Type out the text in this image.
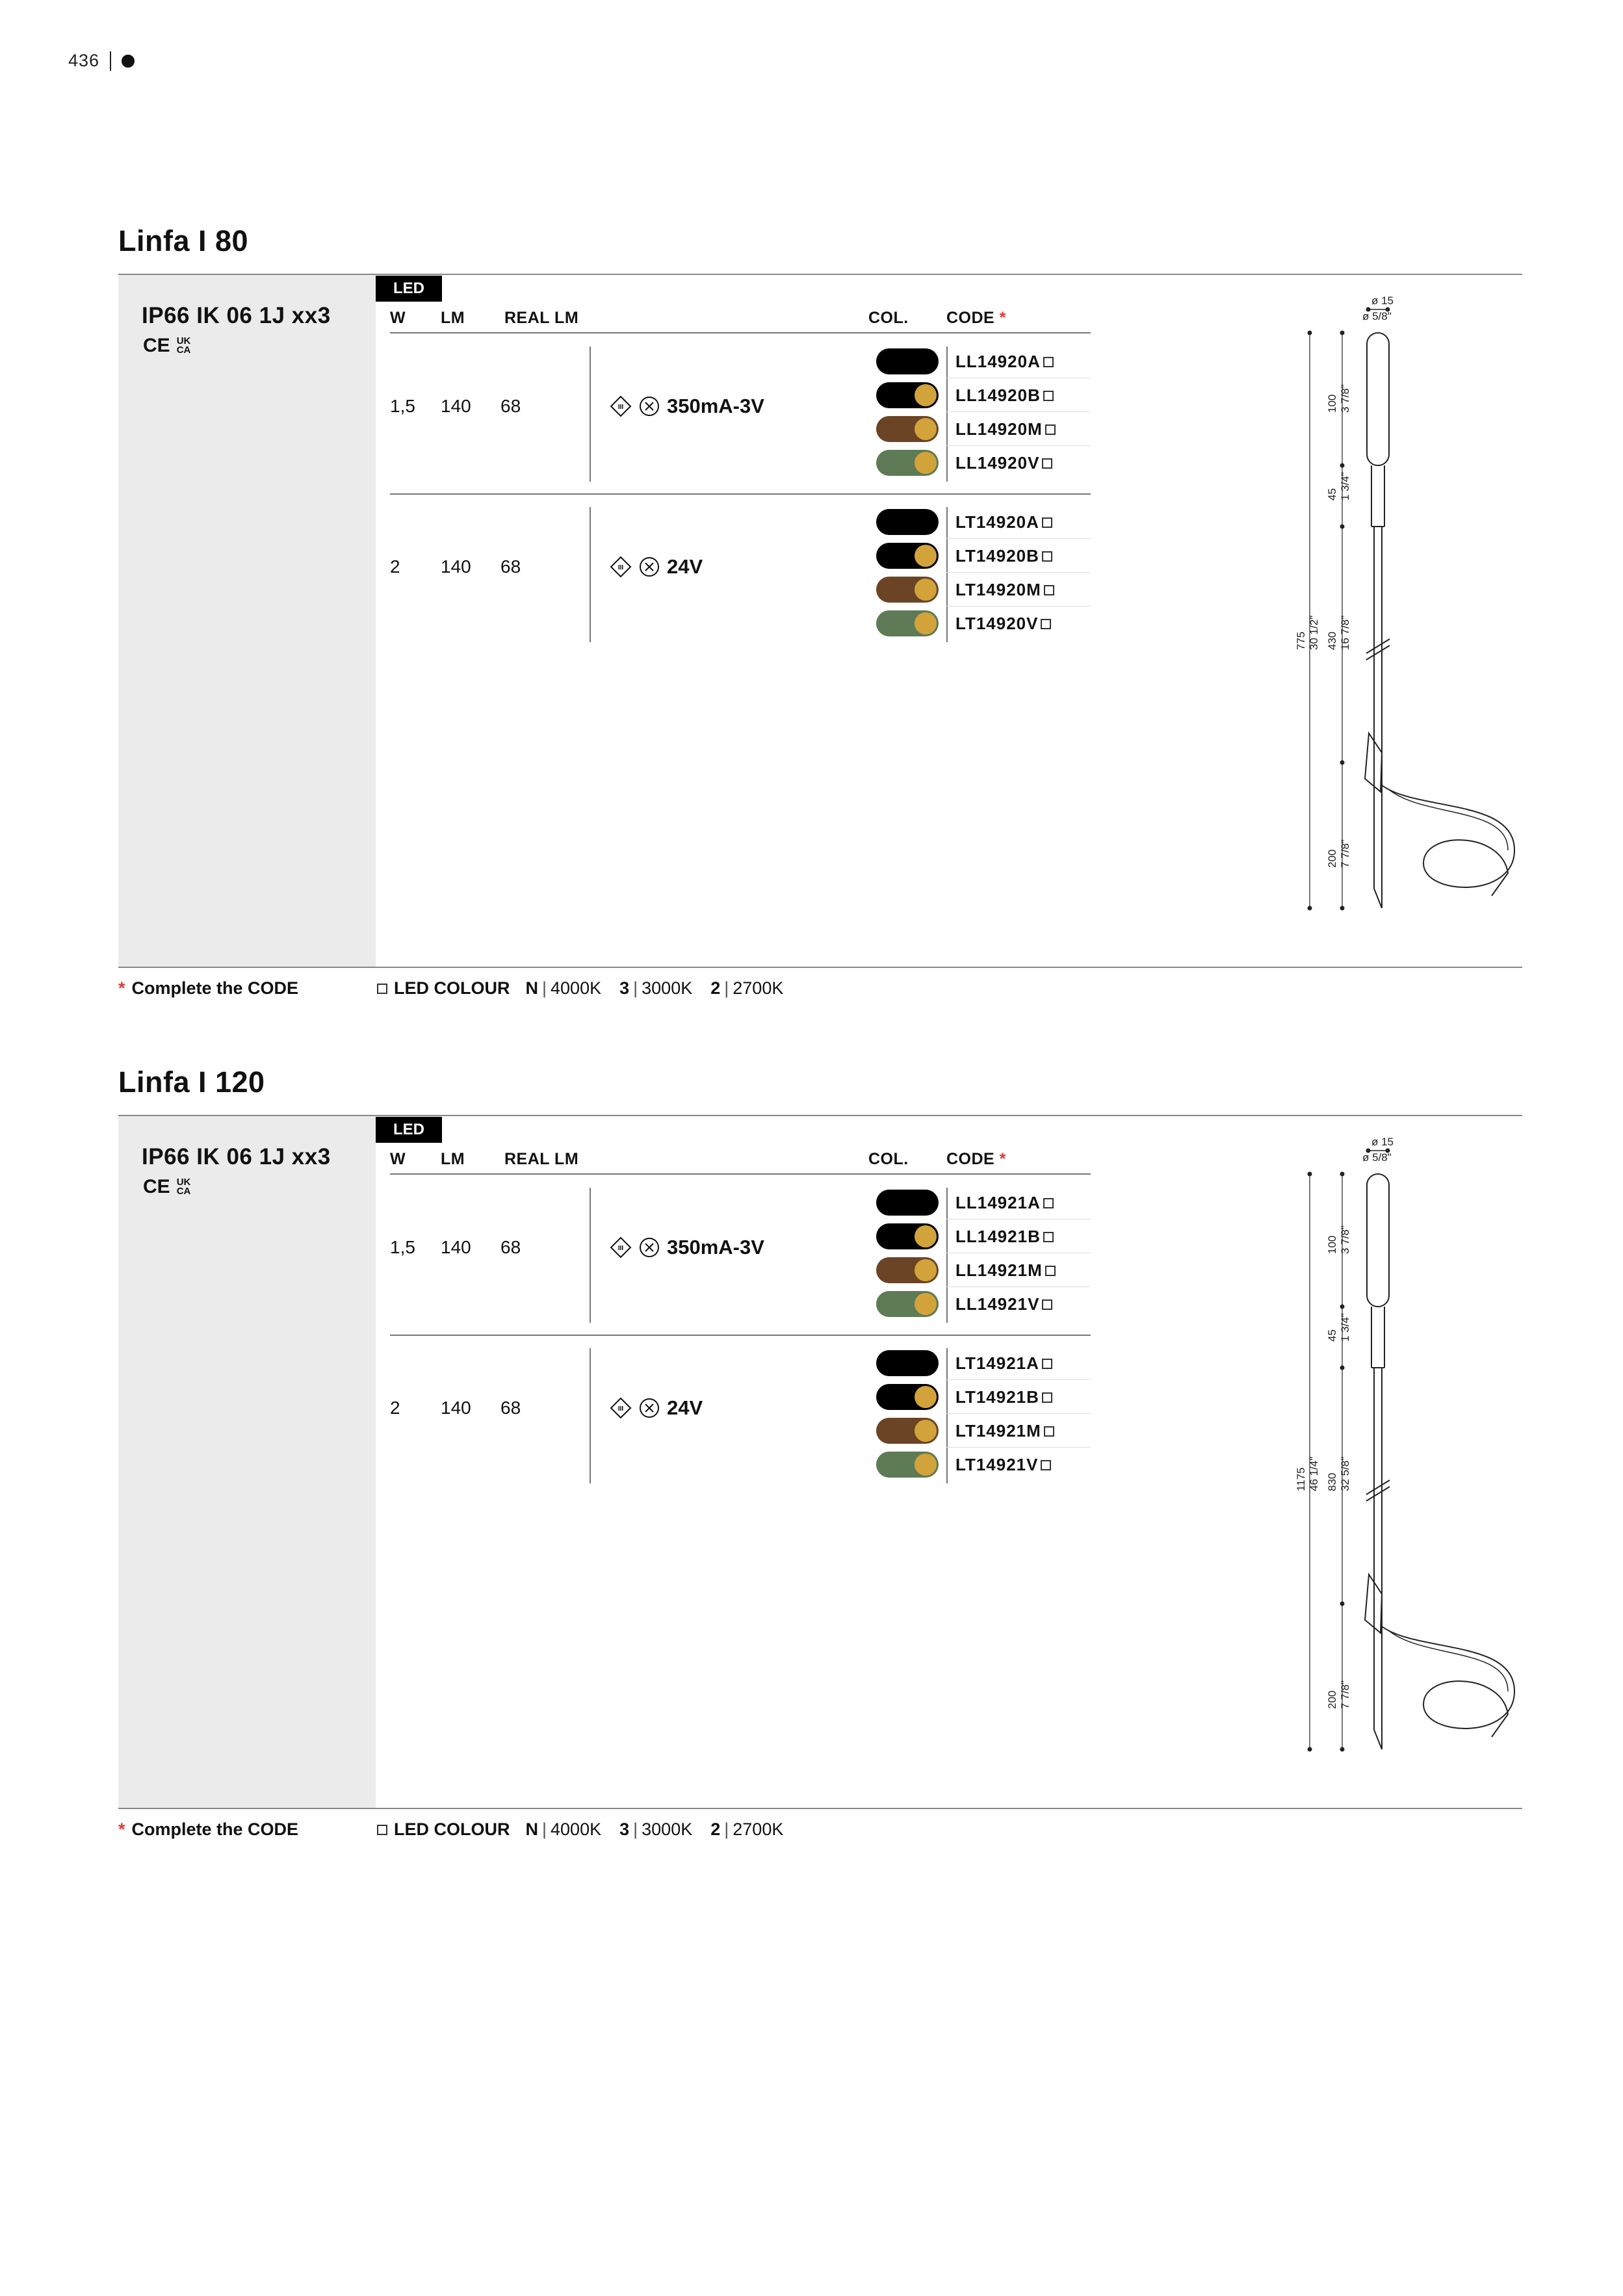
436
Linfa I 80
LED
IP66 IK 06 1J xx3
CE UK
CA
W LM REAL LM	COL. CODE *
1,5 140 68	III 350mA-3V
LL14920A
LL14920B
LL14920M
LL14920V
2 140 68	III 24V
LT14920A
LT14920B
LT14920M
LT14920V
* Complete the CODE	LED COLOUR N | 4000K 3 | 3000K 2 | 2700K
ø 15
ø 5/8"
100 3 7/8"
45 1 3/4"
430 16 7/8"
200 7 7/8"
775 30 1/2"
Linfa I 120
LED
IP66 IK 06 1J xx3
CE UK
CA
W LM REAL LM	COL. CODE *
1,5 140 68	III 350mA-3V
LL14921A
LL14921B
LL14921M
LL14921V
2 140 68	III 24V
LT14921A
LT14921B
LT14921M
LT14921V
* Complete the CODE	LED COLOUR N | 4000K 3 | 3000K 2 | 2700K
ø 15
ø 5/8"
100 3 7/8"
45 1 3/4"
830 32 5/8"
200 7 7/8"
1175 46 1/4"
